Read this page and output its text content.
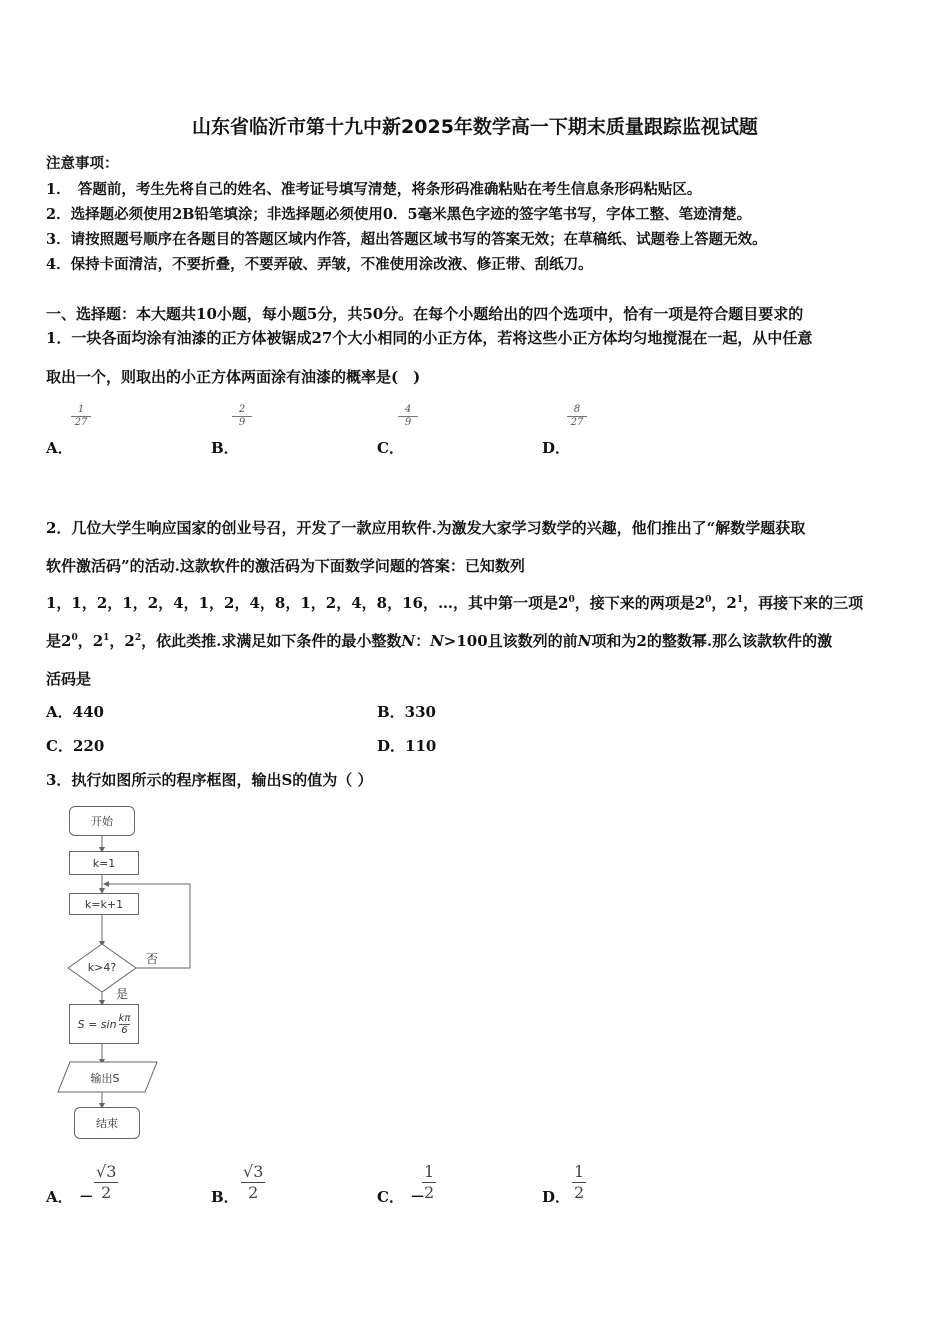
山东省临沂市第十九中新2025年数学高一下期末质量跟踪监视试题
注意事项：
1．　答题前，考生先将自己的姓名、准考证号填写清楚，将条形码准确粘贴在考生信息条形码粘贴区。
2．选择题必须使用2B铅笔填涂；非选择题必须使用0．5毫米黑色字迹的签字笔书写，字体工整、笔迹清楚。
3．请按照题号顺序在各题目的答题区域内作答，超出答题区域书写的答案无效；在草稿纸、试题卷上答题无效。
4．保持卡面清洁，不要折叠，不要弄破、弄皱，不准使用涂改液、修正带、刮纸刀。
一、选择题：本大题共10小题，每小题5分，共50分。在每个小题给出的四个选项中，恰有一项是符合题目要求的
1．一块各面均涂有油漆的正方体被锯成27个大小相同的小正方体，若将这些小正方体均匀地搅混在一起，从中任意
取出一个，则取出的小正方体两面涂有油漆的概率是(　)
A．
$\frac{1}{27}$
B．
$\frac{2}{9}$
C．
$\frac{4}{9}$
D．
$\frac{8}{27}$
2．几位大学生响应国家的创业号召，开发了一款应用软件.为激发大家学习数学的兴趣，他们推出了“解数学题获取
软件激活码”的活动.这款软件的激活码为下面数学问题的答案：已知数列
1，1，2，1，2，4，1，2，4，8，1，2，4，8，16，…，其中第一项是$2^0$，接下来的两项是$2^0$，$2^1$，再接下来的三项
是$2^0$，$2^1$，$2^2$，依此类推.求满足如下条件的最小整数N：N>100且该数列的前N项和为2的整数幂.那么该款软件的激
活码是
A．440	B．330
C．220	D．110
3．执行如图所示的程序框图，输出S的值为（ ）
开始
k=1
k=k+1
k>4?
否
是
S = sin kπ
6
输出S
结束
A． − $\frac{√3}{2}$	B． $\frac{√3}{2}$	C． −
$\frac{1}{2}$	D． $\frac{1}{2}$
